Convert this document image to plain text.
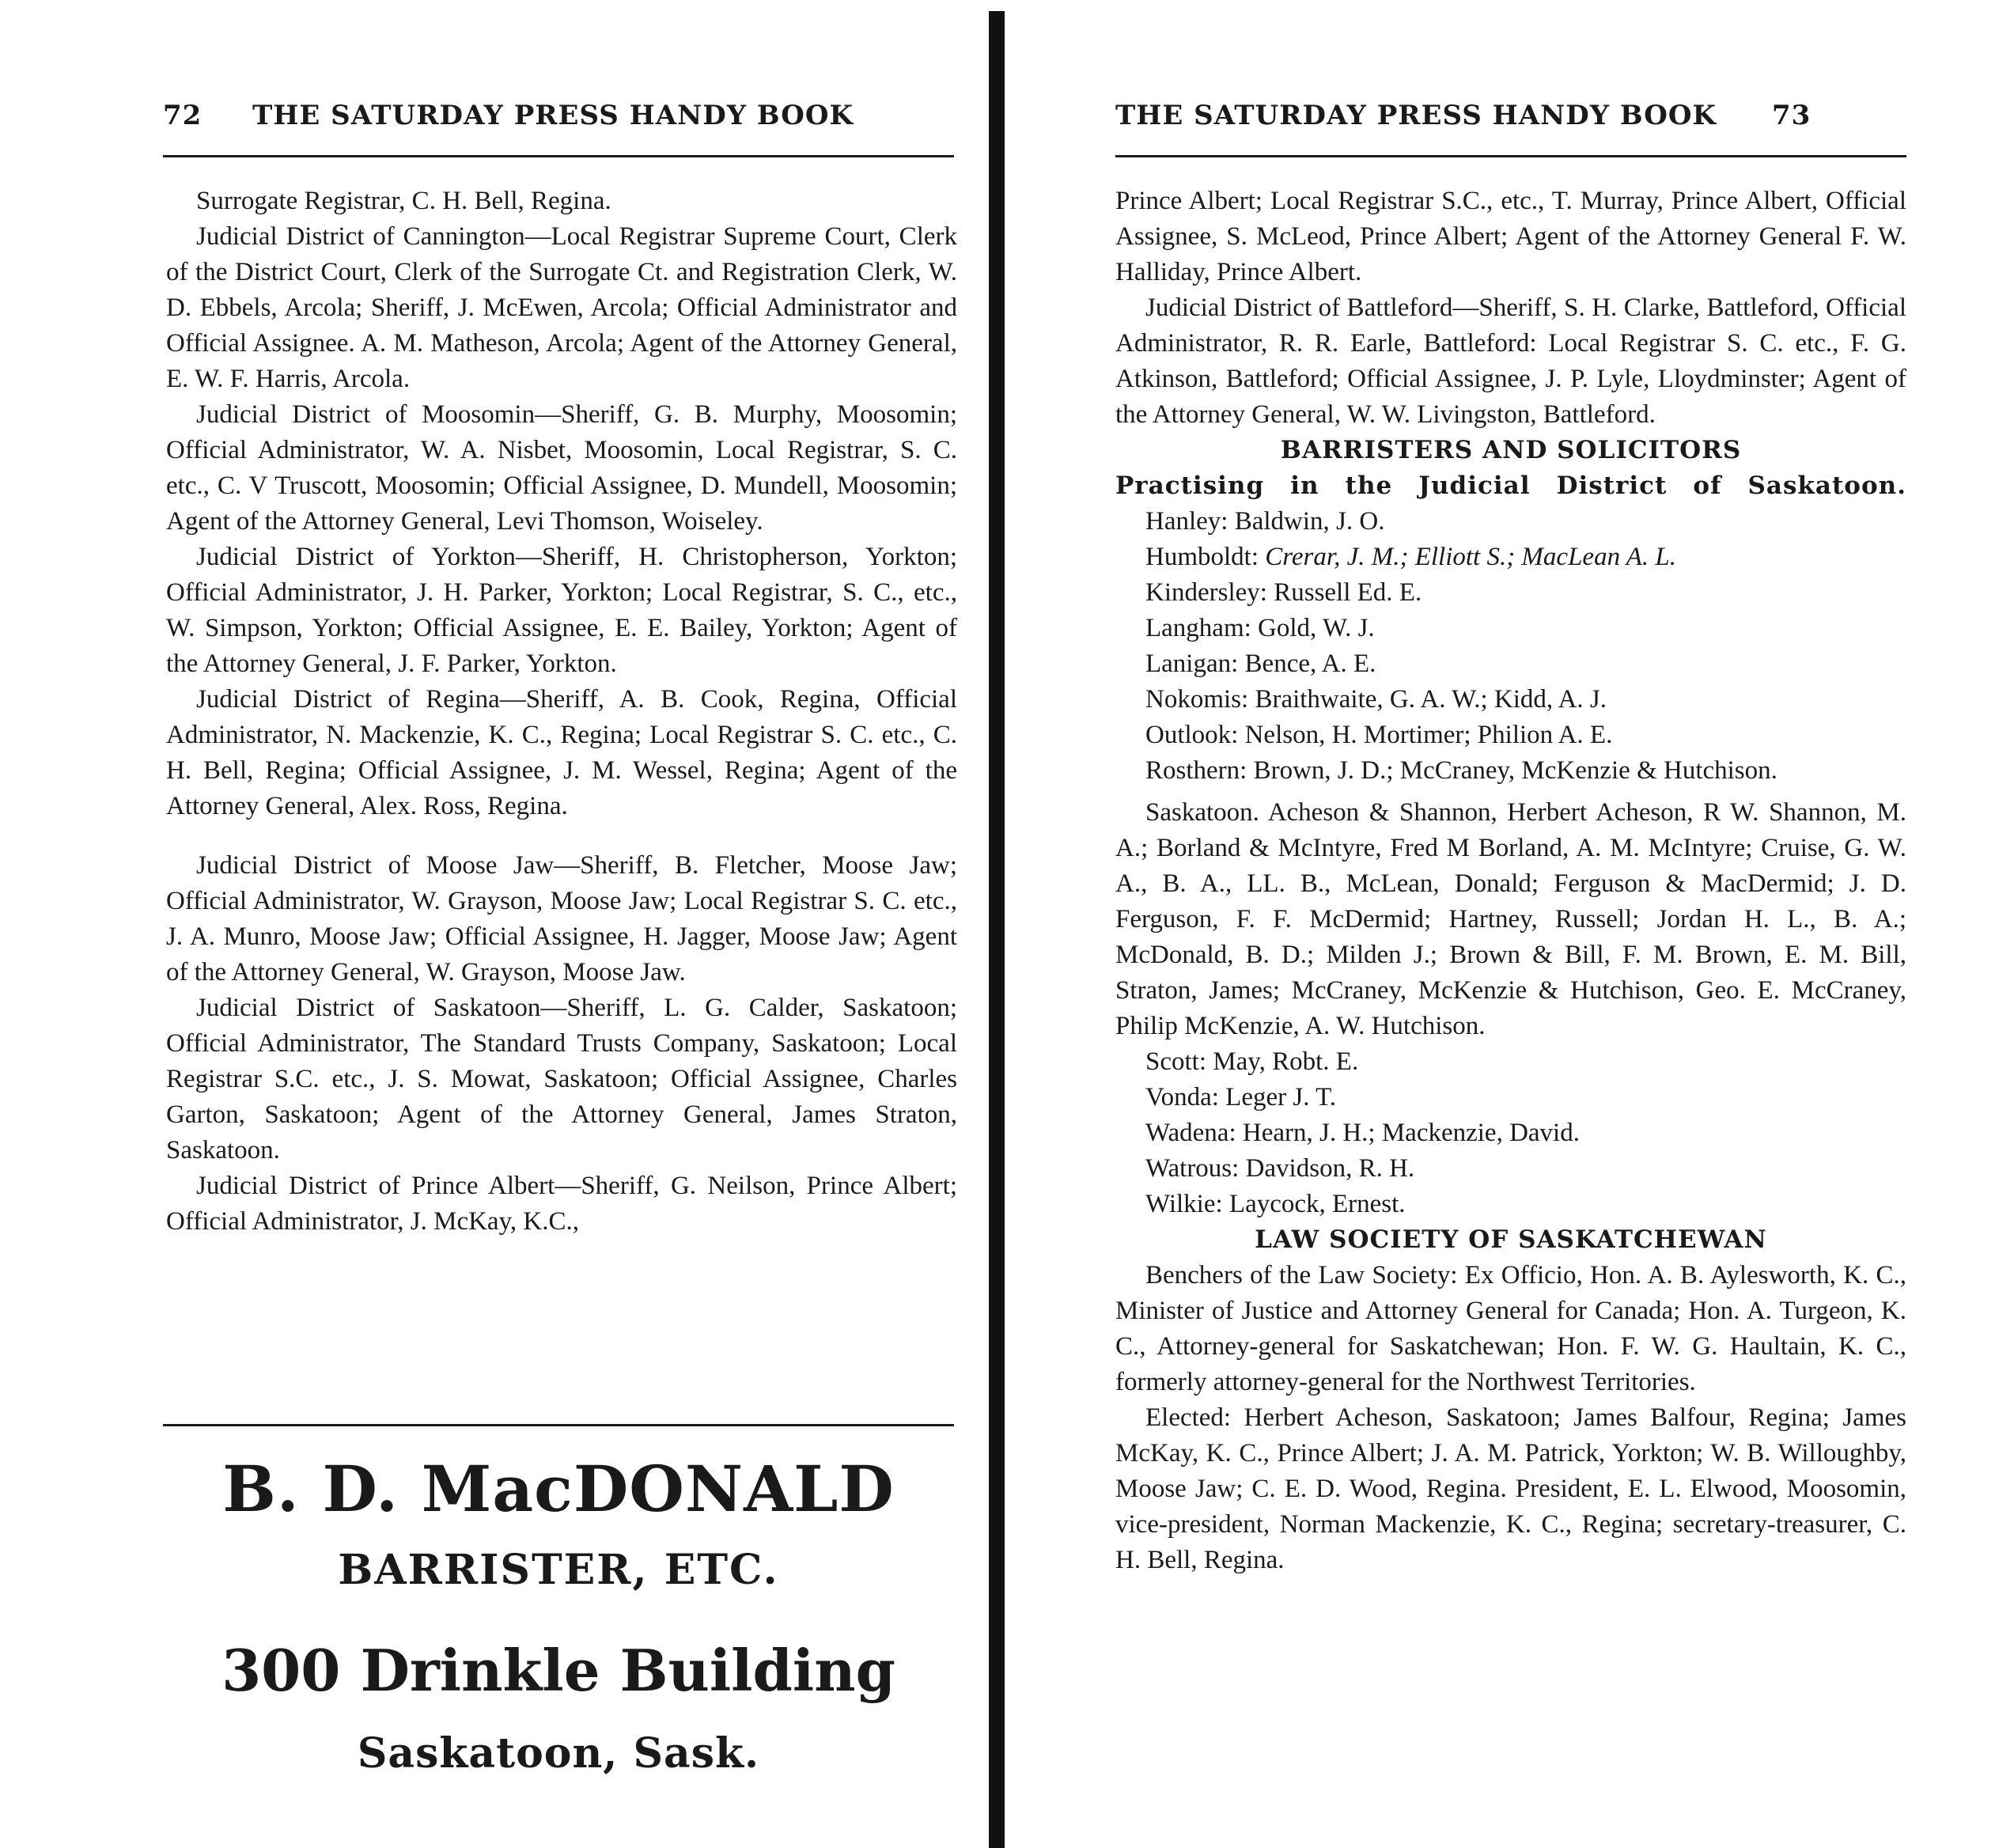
72 THE SATURDAY PRESS HANDY BOOK

Surrogate Registrar, C. H. Bell, Regina.

Judicial District of Cannington—Local Registrar Supreme Court, Clerk of the District Court, Clerk of the Surrogate Ct. and Registration Clerk, W. D. Ebbels, Arcola; Sheriff, J. McEwen, Arcola; Official Administrator and Official Assignee. A. M. Matheson, Arcola; Agent of the Attorney General, E. W. F. Harris, Arcola.

Judicial District of Moosomin—Sheriff, G. B. Murphy, Moosomin; Official Administrator, W. A. Nisbet, Moosomin, Local Registrar, S. C. etc., C. V Truscott, Moosomin; Official Assignee, D. Mundell, Moosomin; Agent of the Attorney General, Levi Thomson, Woiseley.

Judicial District of Yorkton—Sheriff, H. Christopherson, Yorkton; Official Administrator, J. H. Parker, Yorkton; Local Registrar, S. C., etc., W. Simpson, Yorkton; Official Assignee, E. E. Bailey, Yorkton; Agent of the Attorney General, J. F. Parker, Yorkton.

Judicial District of Regina—Sheriff, A. B. Cook, Regina, Official Administrator, N. Mackenzie, K. C., Regina; Local Registrar S. C. etc., C. H. Bell, Regina; Official Assignee, J. M. Wessel, Regina; Agent of the Attorney General, Alex. Ross, Regina.

Judicial District of Moose Jaw—Sheriff, B. Fletcher, Moose Jaw; Official Administrator, W. Grayson, Moose Jaw; Local Registrar S. C. etc., J. A. Munro, Moose Jaw; Official Assignee, H. Jagger, Moose Jaw; Agent of the Attorney General, W. Grayson, Moose Jaw.

Judicial District of Saskatoon—Sheriff, L. G. Calder, Saskatoon; Official Administrator, The Standard Trusts Company, Saskatoon; Local Registrar S.C. etc., J. S. Mowat, Saskatoon; Official Assignee, Charles Garton, Saskatoon; Agent of the Attorney General, James Straton, Saskatoon.

Judicial District of Prince Albert—Sheriff, G. Neilson, Prince Albert; Official Administrator, J. McKay, K.C.,

B. D. MacDONALD
BARRISTER, ETC.
300 Drinkle Building
Saskatoon, Sask.
THE SATURDAY PRESS HANDY BOOK 73

Prince Albert; Local Registrar S.C., etc., T. Murray, Prince Albert, Official Assignee, S. McLeod, Prince Albert; Agent of the Attorney General F. W. Halliday, Prince Albert.

Judicial District of Battleford—Sheriff, S. H. Clarke, Battleford, Official Administrator, R. R. Earle, Battleford: Local Registrar S. C. etc., F. G. Atkinson, Battleford; Official Assignee, J. P. Lyle, Lloydminster; Agent of the Attorney General, W. W. Livingston, Battleford.

BARRISTERS AND SOLICITORS

Practising in the Judicial District of Saskatoon.

Hanley: Baldwin, J. O.

Humboldt: Crerar, J. M.; Elliott S.; MacLean A. L.

Kindersley: Russell Ed. E.

Langham: Gold, W. J.

Lanigan: Bence, A. E.

Nokomis: Braithwaite, G. A. W.; Kidd, A. J.

Outlook: Nelson, H. Mortimer; Philion A. E.

Rosthern: Brown, J. D.; McCraney, McKenzie & Hutchison.

Saskatoon. Acheson & Shannon, Herbert Acheson, R W. Shannon, M. A.; Borland & McIntyre, Fred M Borland, A. M. McIntyre; Cruise, G. W. A., B. A., LL. B., McLean, Donald; Ferguson & MacDermid; J. D. Ferguson, F. F. McDermid; Hartney, Russell; Jordan H. L., B. A.; McDonald, B. D.; Milden J.; Brown & Bill, F. M. Brown, E. M. Bill, Straton, James; McCraney, McKenzie & Hutchison, Geo. E. McCraney, Philip McKenzie, A. W. Hutchison.

Scott: May, Robt. E.

Vonda: Leger J. T.

Wadena: Hearn, J. H.; Mackenzie, David.

Watrous: Davidson, R. H.

Wilkie: Laycock, Ernest.

LAW SOCIETY OF SASKATCHEWAN

Benchers of the Law Society: Ex Officio, Hon. A. B. Aylesworth, K. C., Minister of Justice and Attorney General for Canada; Hon. A. Turgeon, K. C., Attorney-general for Saskatchewan; Hon. F. W. G. Haultain, K. C., formerly attorney-general for the Northwest Territories.

Elected: Herbert Acheson, Saskatoon; James Balfour, Regina; James McKay, K. C., Prince Albert; J. A. M. Patrick, Yorkton; W. B. Willoughby, Moose Jaw; C. E. D. Wood, Regina. President, E. L. Elwood, Moosomin, vice-president, Norman Mackenzie, K. C., Regina; secretary-treasurer, C. H. Bell, Regina.
